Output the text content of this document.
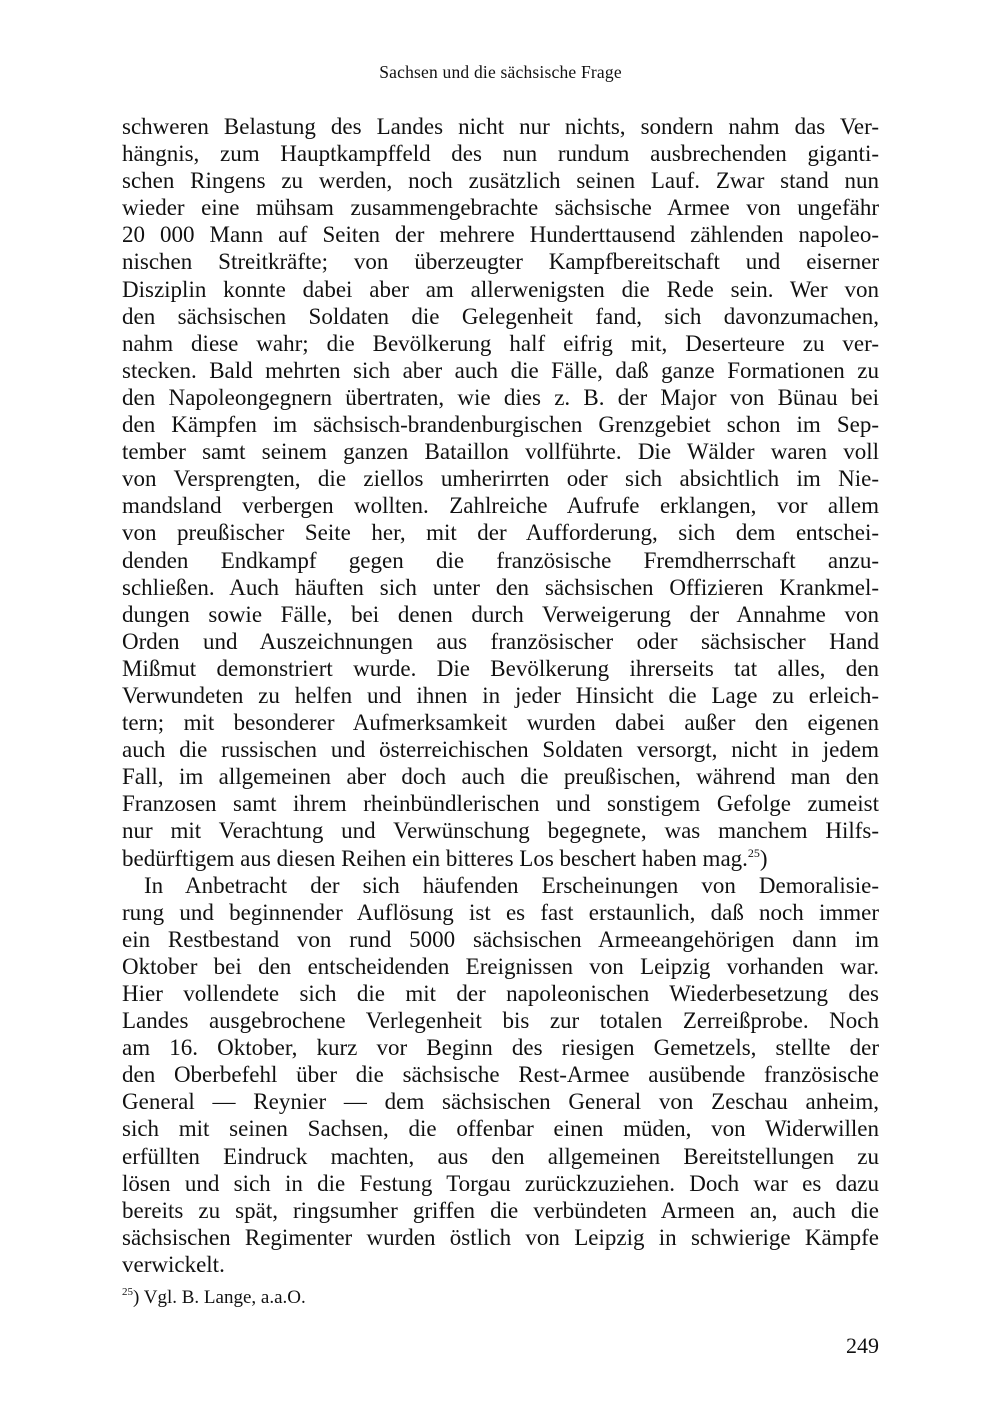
Sachsen und die sächsische Frage
schweren Belastung des Landes nicht nur nichts, sondern nahm das Ver-
hängnis, zum Hauptkampffeld des nun rundum ausbrechenden giganti-
schen Ringens zu werden, noch zusätzlich seinen Lauf. Zwar stand nun
wieder eine mühsam zusammengebrachte sächsische Armee von ungefähr
20 000 Mann auf Seiten der mehrere Hunderttausend zählenden napoleo-
nischen Streitkräfte; von überzeugter Kampfbereitschaft und eiserner
Disziplin konnte dabei aber am allerwenigsten die Rede sein. Wer von
den sächsischen Soldaten die Gelegenheit fand, sich davonzumachen,
nahm diese wahr; die Bevölkerung half eifrig mit, Deserteure zu ver-
stecken. Bald mehrten sich aber auch die Fälle, daß ganze Formationen zu
den Napoleongegnern übertraten, wie dies z. B. der Major von Bünau bei
den Kämpfen im sächsisch-brandenburgischen Grenzgebiet schon im Sep-
tember samt seinem ganzen Bataillon vollführte. Die Wälder waren voll
von Versprengten, die ziellos umherirrten oder sich absichtlich im Nie-
mandsland verbergen wollten. Zahlreiche Aufrufe erklangen, vor allem
von preußischer Seite her, mit der Aufforderung, sich dem entschei-
denden Endkampf gegen die französische Fremdherrschaft anzu-
schließen. Auch häuften sich unter den sächsischen Offizieren Krankmel-
dungen sowie Fälle, bei denen durch Verweigerung der Annahme von
Orden und Auszeichnungen aus französischer oder sächsischer Hand
Mißmut demonstriert wurde. Die Bevölkerung ihrerseits tat alles, den
Verwundeten zu helfen und ihnen in jeder Hinsicht die Lage zu erleich-
tern; mit besonderer Aufmerksamkeit wurden dabei außer den eigenen
auch die russischen und österreichischen Soldaten versorgt, nicht in jedem
Fall, im allgemeinen aber doch auch die preußischen, während man den
Franzosen samt ihrem rheinbündlerischen und sonstigem Gefolge zumeist
nur mit Verachtung und Verwünschung begegnete, was manchem Hilfs-
bedürftigem aus diesen Reihen ein bitteres Los beschert haben mag.$^{25}$)
In Anbetracht der sich häufenden Erscheinungen von Demoralisie-
rung und beginnender Auflösung ist es fast erstaunlich, daß noch immer
ein Restbestand von rund 5000 sächsischen Armeeangehörigen dann im
Oktober bei den entscheidenden Ereignissen von Leipzig vorhanden war.
Hier vollendete sich die mit der napoleonischen Wiederbesetzung des
Landes ausgebrochene Verlegenheit bis zur totalen Zerreißprobe. Noch
am 16. Oktober, kurz vor Beginn des riesigen Gemetzels, stellte der
den Oberbefehl über die sächsische Rest-Armee ausübende französische
General — Reynier — dem sächsischen General von Zeschau anheim,
sich mit seinen Sachsen, die offenbar einen müden, von Widerwillen
erfüllten Eindruck machten, aus den allgemeinen Bereitstellungen zu
lösen und sich in die Festung Torgau zurückzuziehen. Doch war es dazu
bereits zu spät, ringsumher griffen die verbündeten Armeen an, auch die
sächsischen Regimenter wurden östlich von Leipzig in schwierige Kämpfe
verwickelt.
$^{25}$) Vgl. B. Lange, a.a.O.
249
